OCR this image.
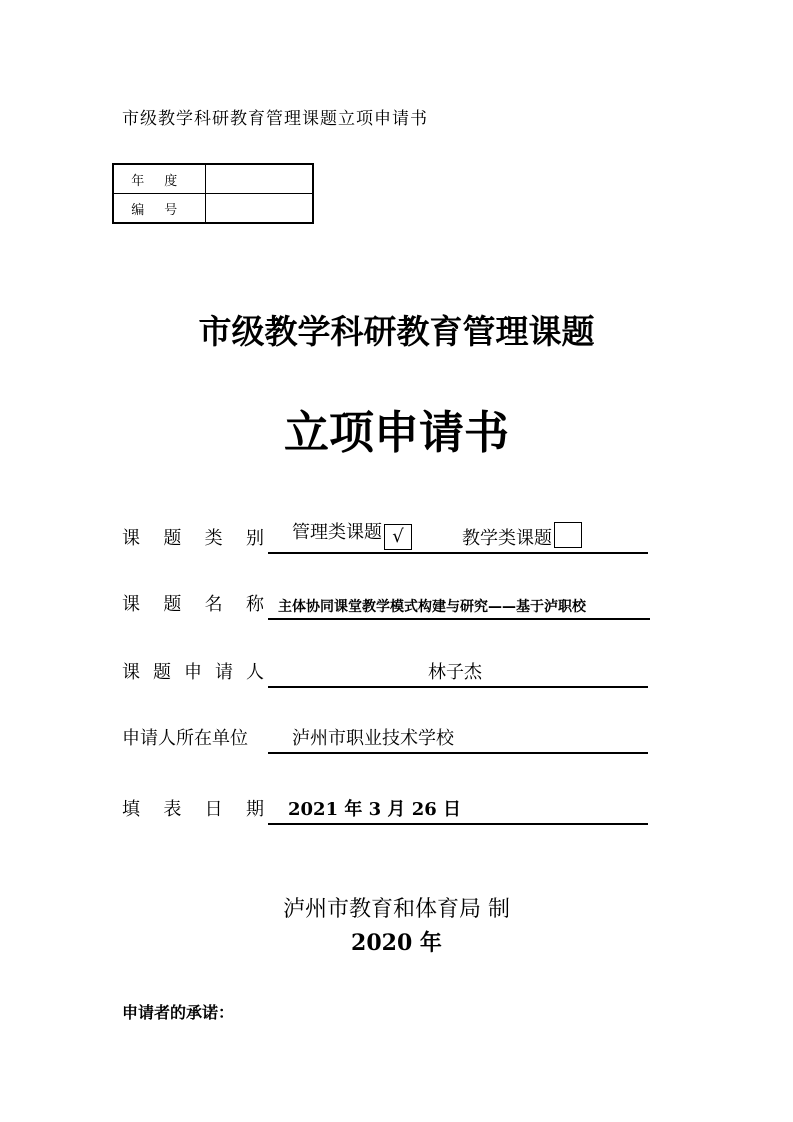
市级教学科研教育管理课题立项申请书
年度	
编号	
市级教学科研教育管理课题
立项申请书
课 题 类 别 管理类课题 √	教学类课题
课 题 名 称 主体协同课堂教学模式构建与研究——基于泸职校
课 题 申 请 人	林子杰
申请人所在单位 泸州市职业技术学校
填 表 日 期 2021 年 3 月 26 日
泸州市教育和体育局 制
2020 年
申请者的承诺：
